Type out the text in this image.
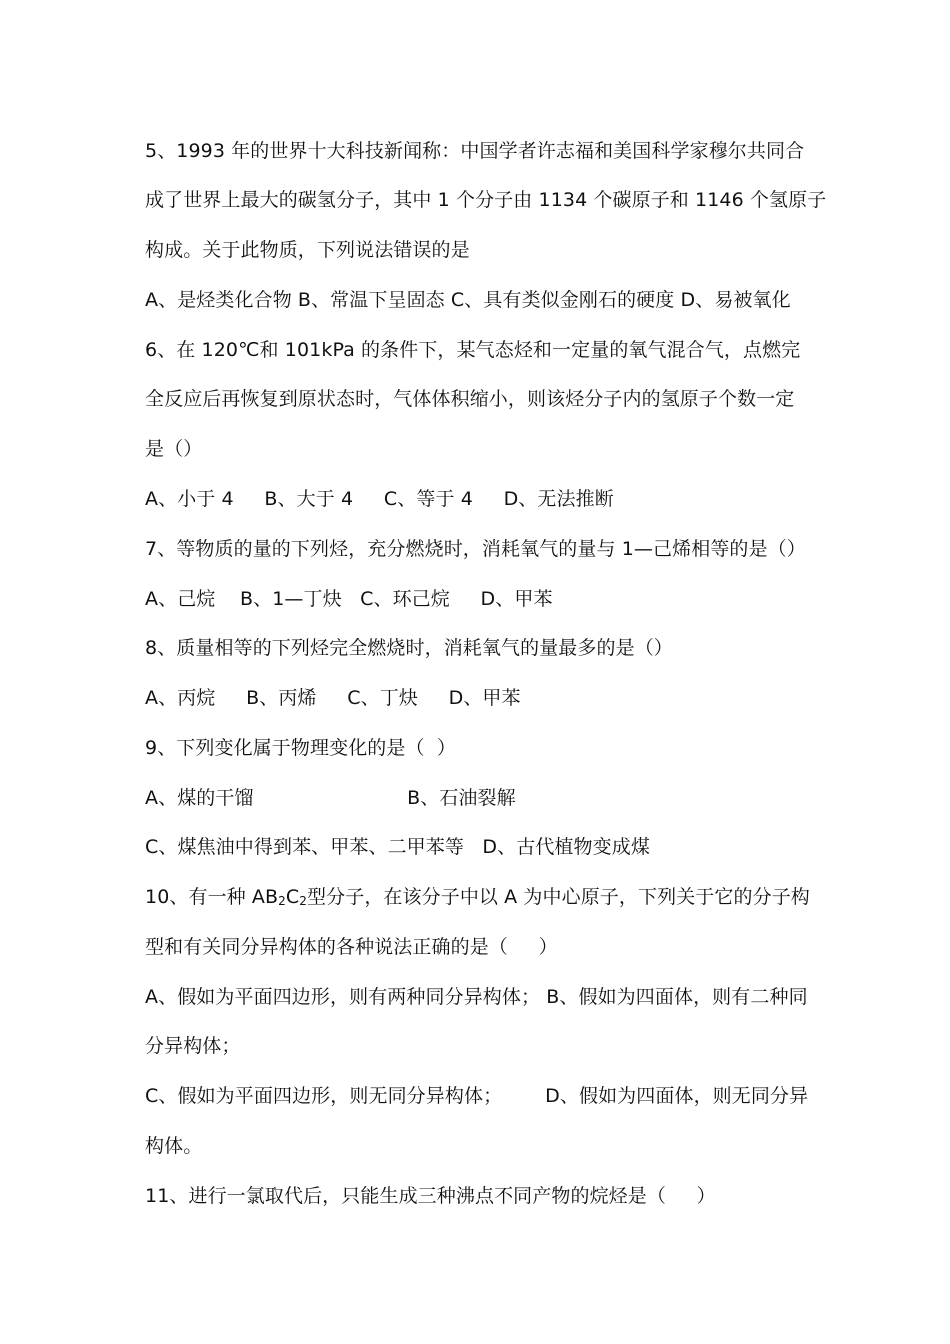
5、1993 年的世界十大科技新闻称：中国学者许志福和美国科学家穆尔共同合
成了世界上最大的碳氢分子，其中 1 个分子由 1134 个碳原子和 1146 个氢原子
构成。关于此物质，下列说法错误的是
A、是烃类化合物 B、常温下呈固态 C、具有类似金刚石的硬度 D、易被氧化
6、在 120℃和 101kPa 的条件下，某气态烃和一定量的氧气混合气，点燃完
全反应后再恢复到原状态时，气体体积缩小，则该烃分子内的氢原子个数一定
是（）
A、小于 4     B、大于 4     C、等于 4     D、无法推断
7、等物质的量的下列烃，充分燃烧时，消耗氧气的量与 1—己烯相等的是（）
A、己烷    B、1—丁炔   C、环己烷     D、甲苯
8、质量相等的下列烃完全燃烧时，消耗氧气的量最多的是（）
A、丙烷     B、丙烯     C、丁炔     D、甲苯
9、下列变化属于物理变化的是（  ）
A、煤的干馏                         B、石油裂解
C、煤焦油中得到苯、甲苯、二甲苯等   D、古代植物变成煤
10、有一种 $AB_2C_2$型分子，在该分子中以 A 为中心原子，下列关于它的分子构
型和有关同分异构体的各种说法正确的是（     ）
A、假如为平面四边形，则有两种同分异构体； B、假如为四面体，则有二种同
分异构体；
C、假如为平面四边形，则无同分异构体；       D、假如为四面体，则无同分异
构体。
11、进行一氯取代后，只能生成三种沸点不同产物的烷烃是（     ）
